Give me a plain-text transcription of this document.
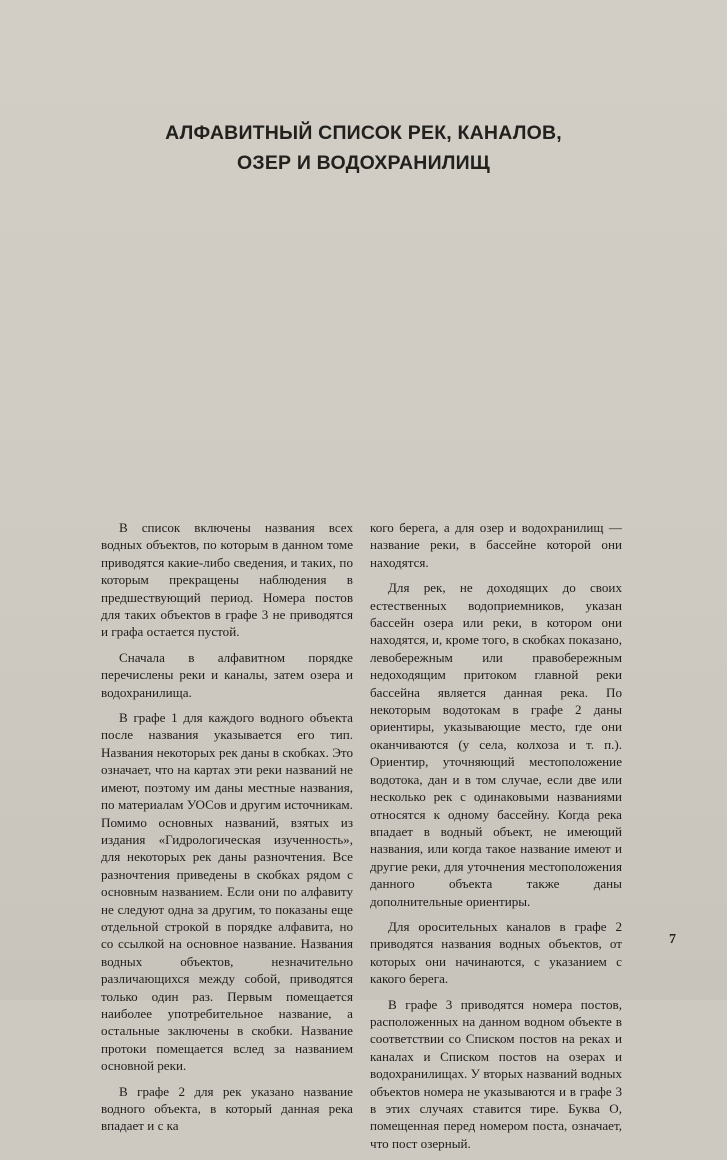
АЛФАВИТНЫЙ СПИСОК РЕК, КАНАЛОВ,
ОЗЕР И ВОДОХРАНИЛИЩ

В список включены названия всех водных объектов, по которым в данном томе приводятся какие-либо сведения, и таких, по которым прекращены наблюдения в предшествующий период. Номера постов для таких объектов в графе 3 не приводятся и графа остается пустой.

Сначала в алфавитном порядке перечислены реки и каналы, затем озера и водохранилища.

В графе 1 для каждого водного объекта после названия указывается его тип. Названия некоторых рек даны в скобках. Это означает, что на картах эти реки названий не имеют, поэтому им даны местные названия, по материалам УОСов и другим источникам. Помимо основных названий, взятых из издания «Гидрологическая изученность», для некоторых рек даны разночтения. Все разночтения приведены в скобках рядом с основным названием. Если они по алфавиту не следуют одна за другим, то показаны еще отдельной строкой в порядке алфавита, но со ссылкой на основное название. Названия водных объектов, незначительно различающихся между собой, приводятся только один раз. Первым помещается наиболее употребительное название, а остальные заключены в скобки. Название протоки помещается вслед за названием основной реки.

В графе 2 для рек указано название водного объекта, в который данная река впадает и с ка

кого берега, а для озер и водохранилищ — название реки, в бассейне которой они находятся.

Для рек, не доходящих до своих естественных водоприемников, указан бассейн озера или реки, в котором они находятся, и, кроме того, в скобках показано, левобережным или правобережным недоходящим притоком главной реки бассейна является данная река. По некоторым водотокам в графе 2 даны ориентиры, указывающие место, где они оканчиваются (у села, колхоза и т. п.). Ориентир, уточняющий местоположение водотока, дан и в том случае, если две или несколько рек с одинаковыми названиями относятся к одному бассейну. Когда река впадает в водный объект, не имеющий названия, или когда такое название имеют и другие реки, для уточнения местоположения данного объекта также даны дополнительные ориентиры.

Для оросительных каналов в графе 2 приводятся названия водных объектов, от которых они начинаются, с указанием с какого берега.

В графе 3 приводятся номера постов, расположенных на данном водном объекте в соответствии со Списком постов на реках и каналах и Списком постов на озерах и водохранилищах. У вторых названий водных объектов номера не указываются и в графе 3 в этих случаях ставится тире. Буква О, помещенная перед номером поста, означает, что пост озерный.

7
